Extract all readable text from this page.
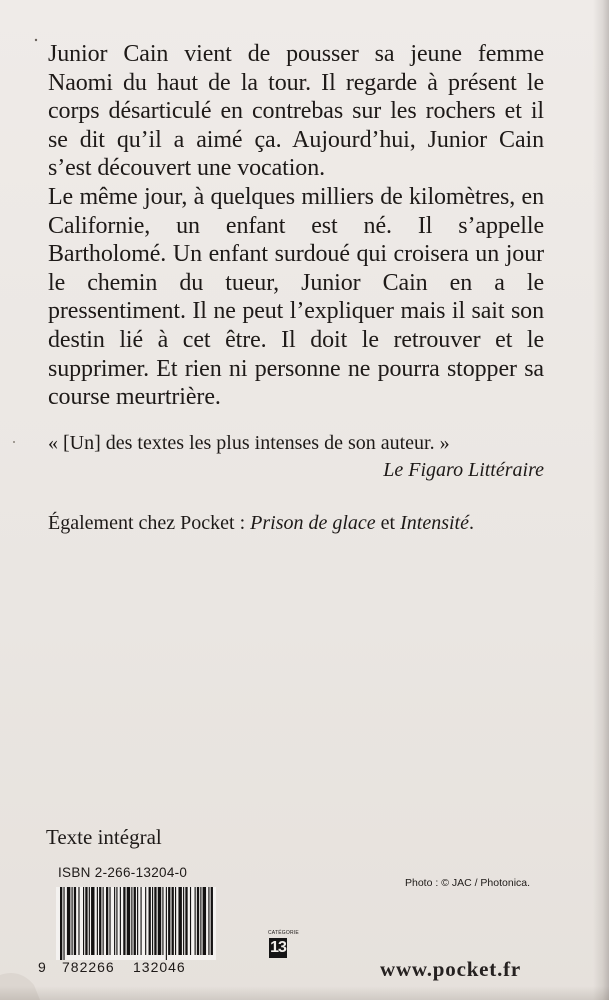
Junior Cain vient de pousser sa jeune femme Naomi du haut de la tour. Il regarde à présent le corps désarticulé en contrebas sur les rochers et il se dit qu’il a aimé ça. Aujourd’hui, Junior Cain s’est découvert une vocation.

Le même jour, à quelques milliers de kilomètres, en Californie, un enfant est né. Il s’appelle Bartholomé. Un enfant surdoué qui croisera un jour le chemin du tueur, Junior Cain en a le pressentiment. Il ne peut l’expliquer mais il sait son destin lié à cet être. Il doit le retrouver et le supprimer. Et rien ni personne ne pourra stopper sa course meurtrière.

« [Un] des textes les plus intenses de son auteur. »
Le Figaro Littéraire
Également chez Pocket : Prison de glace et Intensité.
Texte intégral
ISBN 2-266-13204-0
Photo : © JAC / Photonica.
9 782266 132046
CATÉGORIE
13
www.pocket.fr
